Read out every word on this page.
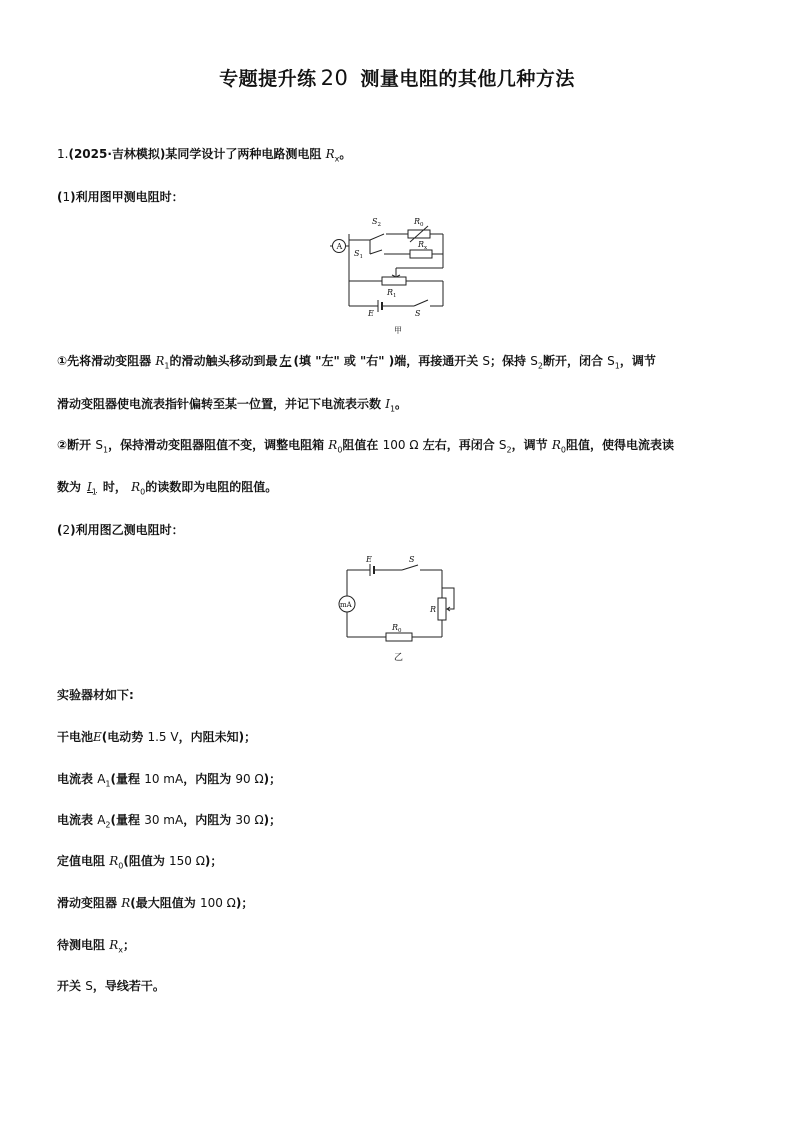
专题提升练 20 测量电阻的其他几种方法
1.(2025·吉林模拟)某同学设计了两种电路测电阻 $R_x$。
(1)利用图甲测电阻时：
A
$S_2$	$R_0$
$S_1$
$R_x$
$R_1$
E	S
甲
①先将滑动变阻器 $R_1$的滑动触头移动到最 左 (填 "左" 或 "右" )端，再接通开关 S；保持 $S_2$断开，闭合 $S_1$，调节
滑动变阻器使电流表指针偏转至某一位置，并记下电流表示数 $I_1$。
②断开 $S_1$，保持滑动变阻器阻值不变，调整电阻箱 $R_0$阻值在 100 Ω 左右，再闭合 $S_2$，调节 $R_0$阻值，使得电流表读
数为 $I_1$ 时， $R_0$的读数即为电阻的阻值。
(2)利用图乙测电阻时：
E	S
mA	R
$R_0$
乙
实验器材如下:
干电池E(电动势 1.5 V，内阻未知)；
电流表 $A_1$(量程 10 mA，内阻为 90 Ω)；
电流表 $A_2$(量程 30 mA，内阻为 30 Ω)；
定值电阻 $R_0$(阻值为 150 Ω)；
滑动变阻器 R(最大阻值为 100 Ω)；
待测电阻 $R_x$；
开关 S，导线若干。
